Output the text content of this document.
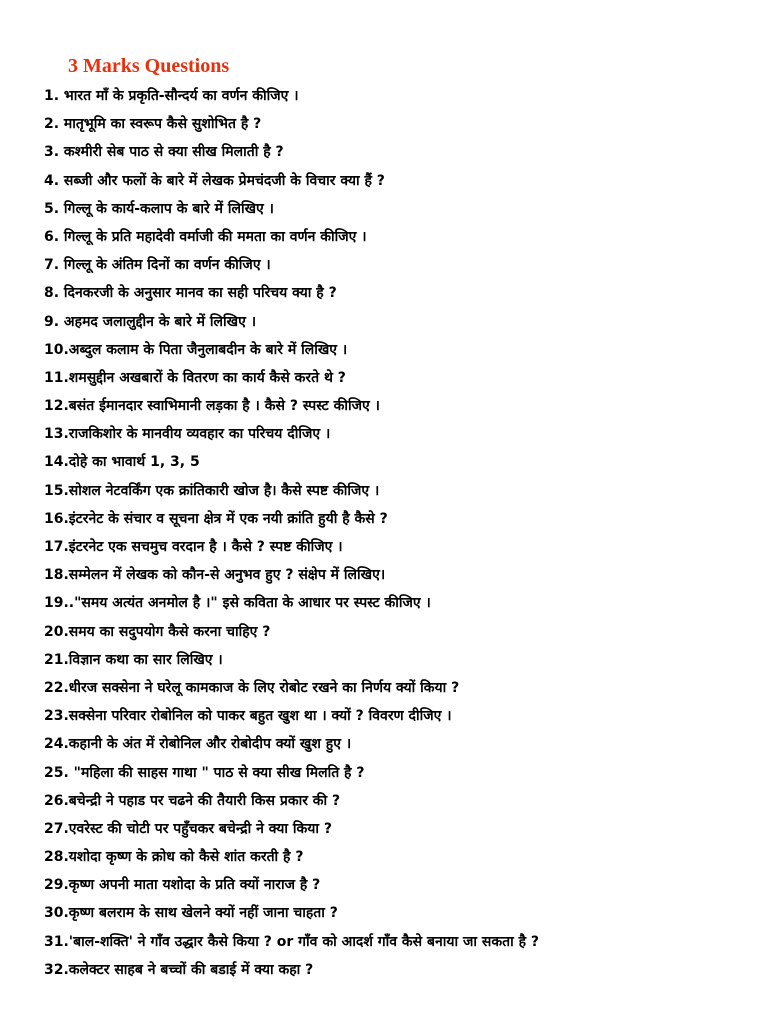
3 Marks Questions
1. भारत माँ के प्रकृति-सौन्दर्य का वर्णन कीजिए ।
2. मातृभूमि का स्वरूप कैसे सुशोभित है ?
3. कश्मीरी सेब पाठ से क्या सीख मिलाती है ?
4. सब्जी और फलों के बारे में लेखक प्रेमचंदजी के विचार क्या हैं ?
5. गिल्लू के कार्य-कलाप के बारे में लिखिए ।
6. गिल्लू के प्रति महादेवी वर्माजी की ममता का वर्णन कीजिए ।
7. गिल्लू के अंतिम दिनों का वर्णन कीजिए ।
8. दिनकरजी के अनुसार मानव का सही परिचय क्या है ?
9. अहमद जलालुद्दीन के बारे में लिखिए ।
10.अब्दुल कलाम के पिता जैनुलाबदीन के बारे में लिखिए ।
11.शमसुद्दीन अखबारों के वितरण का कार्य कैसे करते थे ?
12.बसंत ईमानदार स्वाभिमानी लड़का है । कैसे ? स्पस्ट कीजिए ।
13.राजकिशोर के मानवीय व्यवहार का परिचय दीजिए ।
14.दोहे का भावार्थ 1, 3, 5
15.सोशल नेटवर्किंग एक क्रांतिकारी खोज है। कैसे स्पष्ट कीजिए ।
16.इंटरनेट के संचार व सूचना क्षेत्र में एक नयी क्रांति हुयी है कैसे ?
17.इंटरनेट एक सचमुच वरदान है । कैसे ? स्पष्ट कीजिए ।
18.सम्मेलन में लेखक को कौन-से अनुभव हुए ? संक्षेप में लिखिए।
19.."समय अत्यंत अनमोल है ।" इसे कविता के आधार पर स्पस्ट कीजिए ।
20.समय का सदुपयोग कैसे करना चाहिए ?
21.विज्ञान कथा का सार लिखिए ।
22.धीरज सक्सेना ने घरेलू कामकाज के लिए रोबोट रखने का निर्णय क्यों किया ?
23.सक्सेना परिवार रोबोनिल को पाकर बहुत खुश था । क्यों ? विवरण दीजिए ।
24.कहानी के अंत में रोबोनिल और रोबोदीप क्यों खुश हुए ।
25. "महिला की साहस गाथा " पाठ से क्या सीख मिलति है ?
26.बचेन्द्री ने पहाड पर चढने की तैयारी किस प्रकार की ?
27.एवरेस्ट की चोटी पर पहुँचकर बचेन्द्री ने क्या किया ?
28.यशोदा कृष्ण के क्रोध को कैसे शांत करती है ?
29.कृष्ण अपनी माता यशोदा के प्रति क्यों नाराज है ?
30.कृष्ण बलराम के साथ खेलने क्यों नहीं जाना चाहता ?
31.'बाल-शक्ति' ने गाँव उद्धार कैसे किया ? or गाँव को आदर्श गाँव कैसे बनाया जा सकता है ?
32.कलेक्टर साहब ने बच्चों की बडाई में क्या कहा ?
